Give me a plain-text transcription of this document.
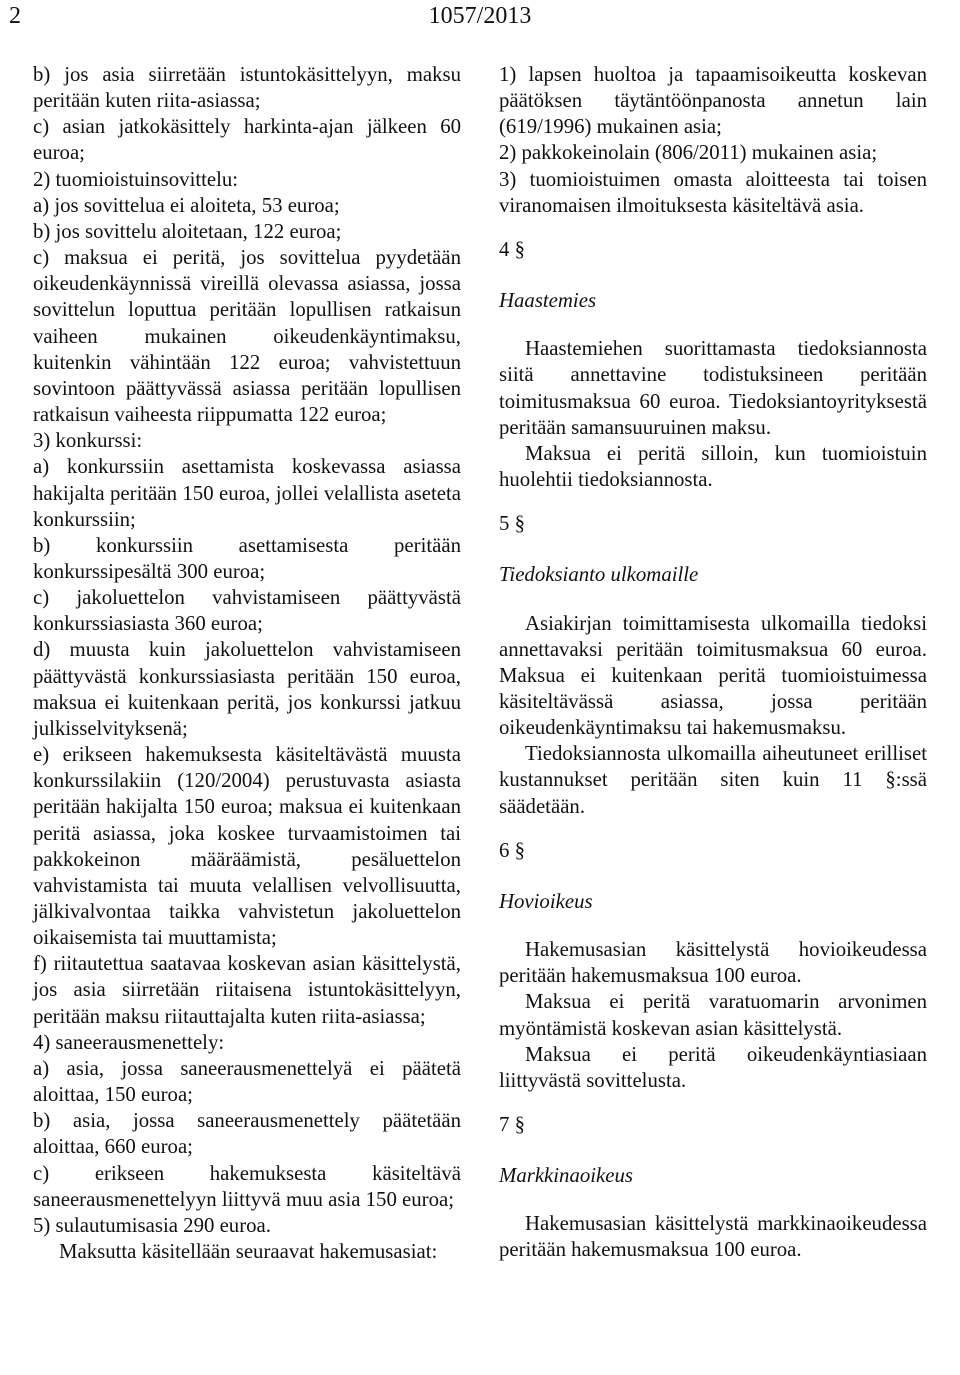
1057/2013
2

b) jos asia siirretään istuntokäsittelyyn, maksu peritään kuten riita-asiassa;

c) asian jatkokäsittely harkinta-ajan jälkeen 60 euroa;

2) tuomioistuinsovittelu:

a) jos sovittelua ei aloiteta, 53 euroa;

b) jos sovittelu aloitetaan, 122 euroa;

c) maksua ei peritä, jos sovittelua pyydetään oikeudenkäynnissä vireillä olevassa asiassa, jossa sovittelun loputtua peritään lopullisen ratkaisun vaiheen mukainen oikeudenkäyntimaksu, kuitenkin vähintään 122 euroa; vahvistettuun sovintoon päättyvässä asiassa peritään lopullisen ratkaisun vaiheesta riippumatta 122 euroa;

3) konkurssi:

a) konkurssiin asettamista koskevassa asiassa hakijalta peritään 150 euroa, jollei velallista aseteta konkurssiin;

b) konkurssiin asettamisesta peritään konkurssipesältä 300 euroa;

c) jakoluettelon vahvistamiseen päättyvästä konkurssiasiasta 360 euroa;

d) muusta kuin jakoluettelon vahvistamiseen päättyvästä konkurssiasiasta peritään 150 euroa, maksua ei kuitenkaan peritä, jos konkurssi jatkuu julkisselvityksenä;

e) erikseen hakemuksesta käsiteltävästä muusta konkurssilakiin (120/2004) perustuvasta asiasta peritään hakijalta 150 euroa; maksua ei kuitenkaan peritä asiassa, joka koskee turvaamistoimen tai pakkokeinon määräämistä, pesäluettelon vahvistamista tai muuta velallisen velvollisuutta, jälkivalvontaa taikka vahvistetun jakoluettelon oikaisemista tai muuttamista;

f) riitautettua saatavaa koskevan asian käsittelystä, jos asia siirretään riitaisena istuntokäsittelyyn, peritään maksu riitauttajalta kuten riita-asiassa;

4) saneerausmenettely:

a) asia, jossa saneerausmenettelyä ei päätetä aloittaa, 150 euroa;

b) asia, jossa saneerausmenettely päätetään aloittaa, 660 euroa;

c) erikseen hakemuksesta käsiteltävä saneerausmenettelyyn liittyvä muu asia 150 euroa;

5) sulautumisasia 290 euroa.

Maksutta käsitellään seuraavat hakemusasiat:

1) lapsen huoltoa ja tapaamisoikeutta koskevan päätöksen täytäntöönpanosta annetun lain (619/1996) mukainen asia;

2) pakkokeinolain (806/2011) mukainen asia;

3) tuomioistuimen omasta aloitteesta tai toisen viranomaisen ilmoituksesta käsiteltävä asia.

4 §

Haastemies

Haastemiehen suorittamasta tiedoksiannosta siitä annettavine todistuksineen peritään toimitusmaksua 60 euroa. Tiedoksiantoyrityksestä peritään samansuuruinen maksu.

Maksua ei peritä silloin, kun tuomioistuin huolehtii tiedoksiannosta.

5 §

Tiedoksianto ulkomaille

Asiakirjan toimittamisesta ulkomailla tiedoksi annettavaksi peritään toimitusmaksua 60 euroa. Maksua ei kuitenkaan peritä tuomioistuimessa käsiteltävässä asiassa, jossa peritään oikeudenkäyntimaksu tai hakemusmaksu.

Tiedoksiannosta ulkomailla aiheutuneet erilliset kustannukset peritään siten kuin 11 §:ssä säädetään.

6 §

Hovioikeus

Hakemusasian käsittelystä hovioikeudessa peritään hakemusmaksua 100 euroa.

Maksua ei peritä varatuomarin arvonimen myöntämistä koskevan asian käsittelystä.

Maksua ei peritä oikeudenkäyntiasiaan liittyvästä sovittelusta.

7 §

Markkinaoikeus

Hakemusasian käsittelystä markkinaoikeudessa peritään hakemusmaksua 100 euroa.
